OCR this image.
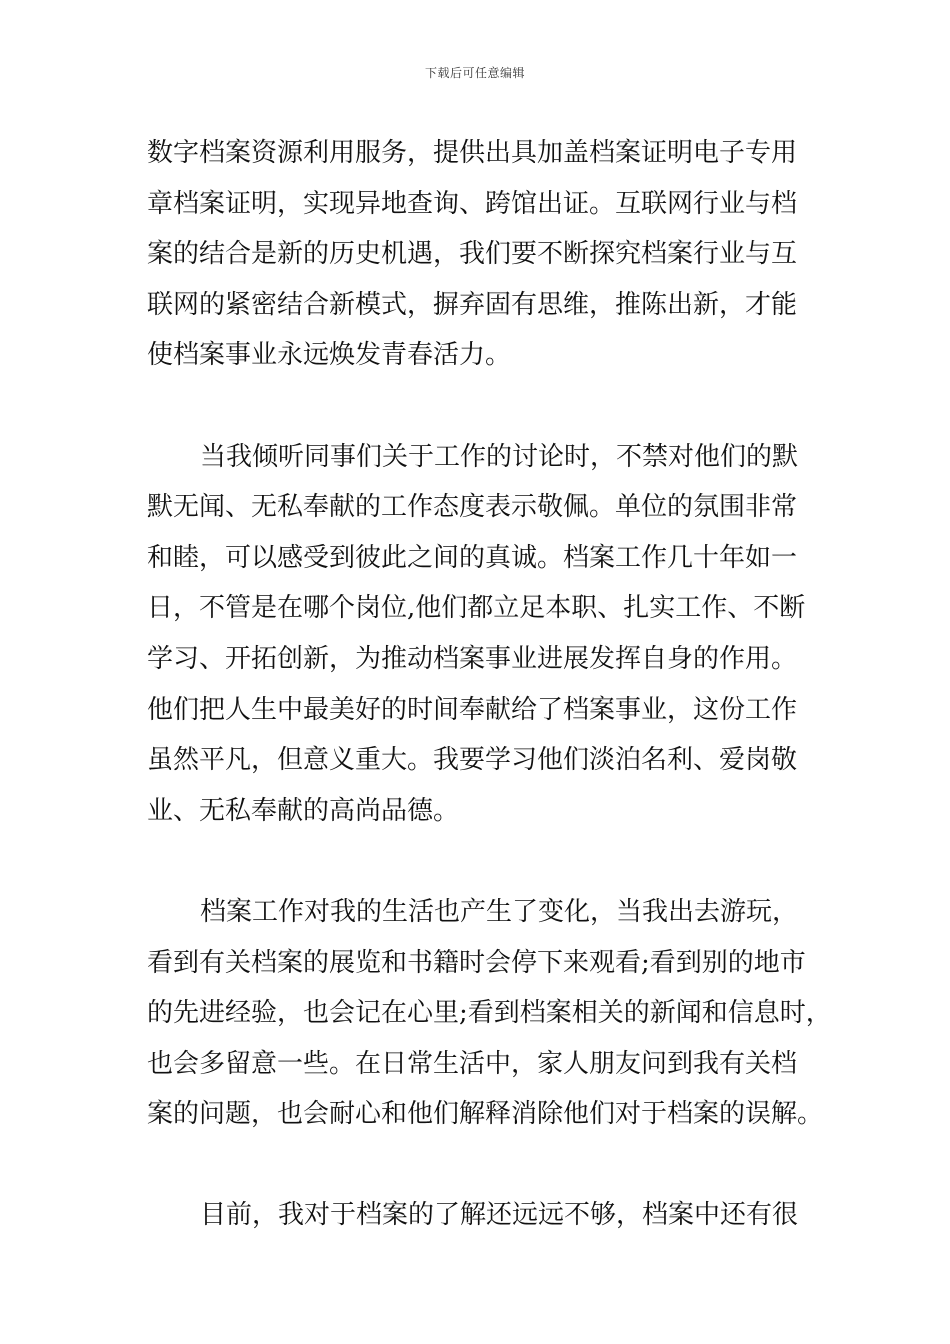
下载后可任意编辑
数字档案资源利用服务，提供出具加盖档案证明电子专用
章档案证明，实现异地查询、跨馆出证。互联网行业与档
案的结合是新的历史机遇，我们要不断探究档案行业与互
联网的紧密结合新模式，摒弃固有思维，推陈出新，才能
使档案事业永远焕发青春活力。
当我倾听同事们关于工作的讨论时，不禁对他们的默
默无闻、无私奉献的工作态度表示敬佩。单位的氛围非常
和睦，可以感受到彼此之间的真诚。档案工作几十年如一
日，不管是在哪个岗位,他们都立足本职、扎实工作、不断
学习、开拓创新，为推动档案事业进展发挥自身的作用。
他们把人生中最美好的时间奉献给了档案事业，这份工作
虽然平凡，但意义重大。我要学习他们淡泊名利、爱岗敬
业、无私奉献的高尚品德。
档案工作对我的生活也产生了变化，当我出去游玩，
看到有关档案的展览和书籍时会停下来观看;看到别的地市
的先进经验，也会记在心里;看到档案相关的新闻和信息时，
也会多留意一些。在日常生活中，家人朋友问到我有关档
案的问题，也会耐心和他们解释消除他们对于档案的误解。
目前，我对于档案的了解还远远不够，档案中还有很
